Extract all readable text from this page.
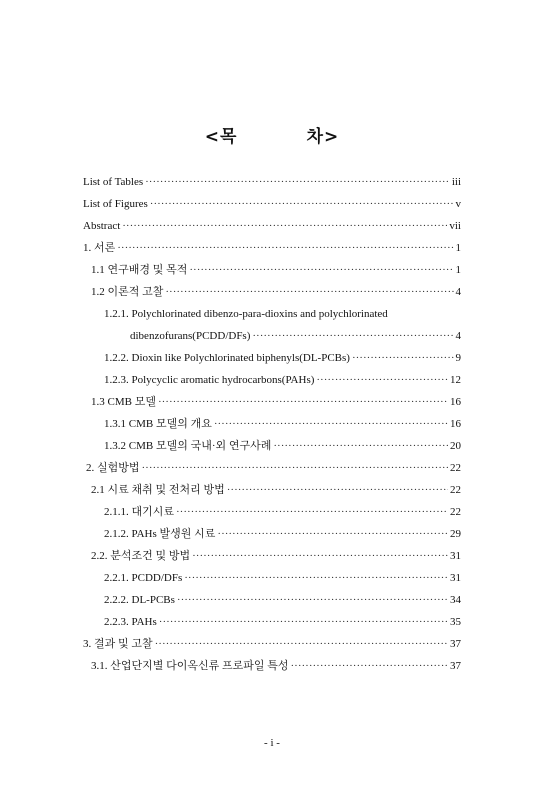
<목	차>
List of Tables ·····	iii
List of Figures ·····	v
Abstract ·····	vii
1. 서론 ·····	1
1.1 연구배경 및 목적 ·····	1
1.2 이론적 고찰 ·····	4
1.2.1. Polychlorinated dibenzo-para-dioxins and polychlorinated
dibenzofurans(PCDD/DFs) ·····	4
1.2.2. Dioxin like Polychlorinated biphenyls(DL-PCBs) ·····	9
1.2.3. Polycyclic aromatic hydrocarbons(PAHs) ·····	12
1.3 CMB 모델 ·····	16
1.3.1 CMB 모델의 개요 ·····	16
1.3.2 CMB 모델의 국내·외 연구사례 ·····	20
2. 실험방법 ·····	22
2.1 시료 채취 및 전처리 방법 ·····	22
2.1.1. 대기시료 ·····	22
2.1.2. PAHs 발생원 시료 ·····	29
2.2. 분석조건 및 방법 ·····	31
2.2.1. PCDD/DFs ·····	31
2.2.2. DL-PCBs ·····	34
2.2.3. PAHs ·····	35
3. 결과 및 고찰 ·····	37
3.1. 산업단지별 다이옥신류 프로파일 특성 ·····	37
- i -
